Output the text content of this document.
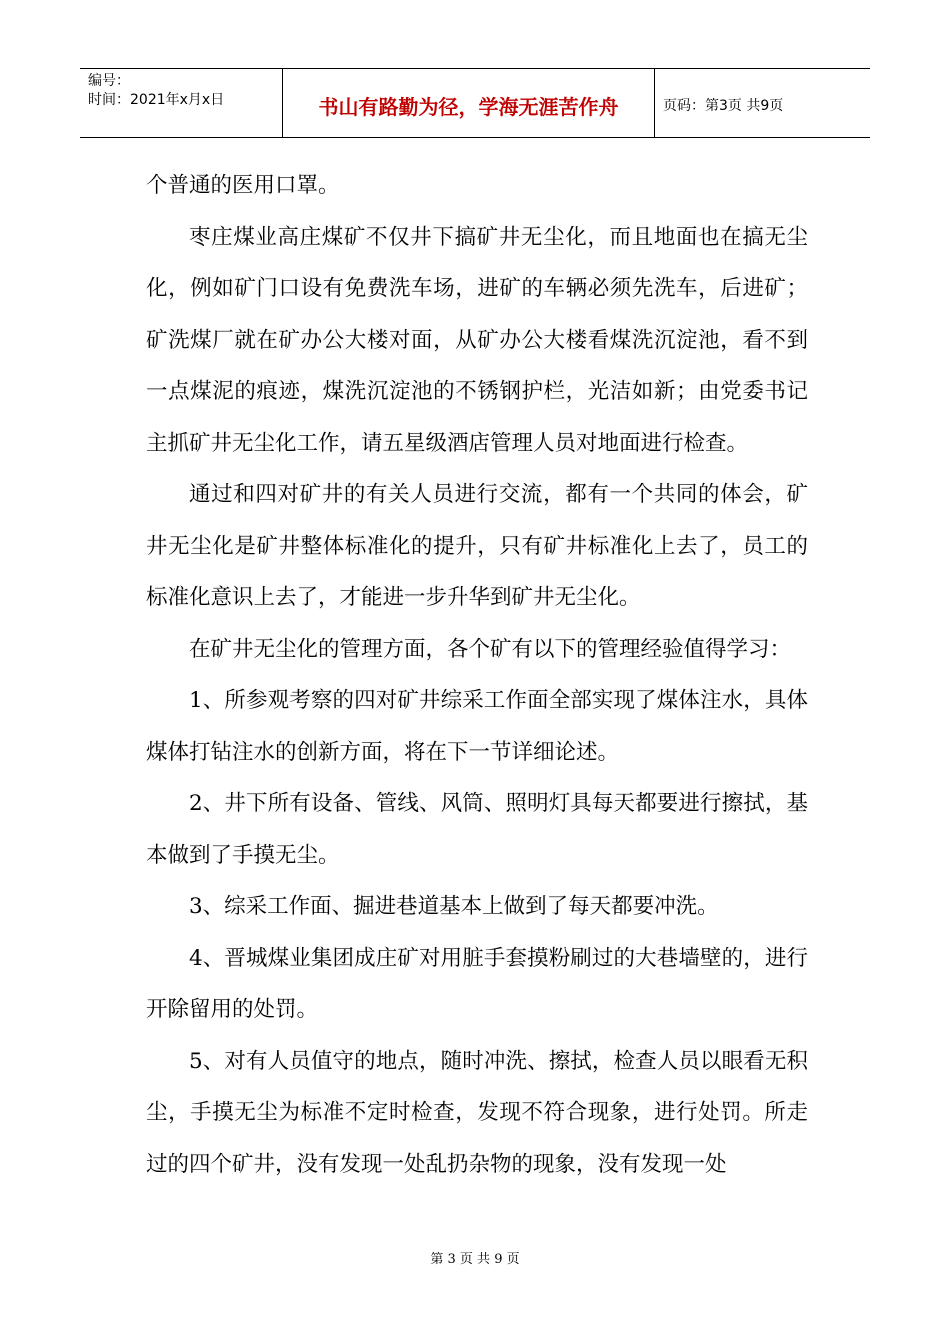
编号：
时间：2021年x月x日	书山有路勤为径，学海无涯苦作舟	页码：第3页 共9页

个普通的医用口罩。

枣庄煤业高庄煤矿不仅井下搞矿井无尘化，而且地面也在搞无尘化，例如矿门口设有免费洗车场，进矿的车辆必须先洗车，后进矿；矿洗煤厂就在矿办公大楼对面，从矿办公大楼看煤洗沉淀池，看不到一点煤泥的痕迹，煤洗沉淀池的不锈钢护栏，光洁如新；由党委书记主抓矿井无尘化工作，请五星级酒店管理人员对地面进行检查。

通过和四对矿井的有关人员进行交流，都有一个共同的体会，矿井无尘化是矿井整体标准化的提升，只有矿井标准化上去了，员工的标准化意识上去了，才能进一步升华到矿井无尘化。

在矿井无尘化的管理方面，各个矿有以下的管理经验值得学习：

1、所参观考察的四对矿井综采工作面全部实现了煤体注水，具体煤体打钻注水的创新方面，将在下一节详细论述。

2、井下所有设备、管线、风筒、照明灯具每天都要进行擦拭，基本做到了手摸无尘。

3、综采工作面、掘进巷道基本上做到了每天都要冲洗。

4、晋城煤业集团成庄矿对用脏手套摸粉刷过的大巷墙壁的，进行开除留用的处罚。

5、对有人员值守的地点，随时冲洗、擦拭，检查人员以眼看无积尘，手摸无尘为标准不定时检查，发现不符合现象，进行处罚。所走过的四个矿井，没有发现一处乱扔杂物的现象，没有发现一处

第 3 页 共 9 页
